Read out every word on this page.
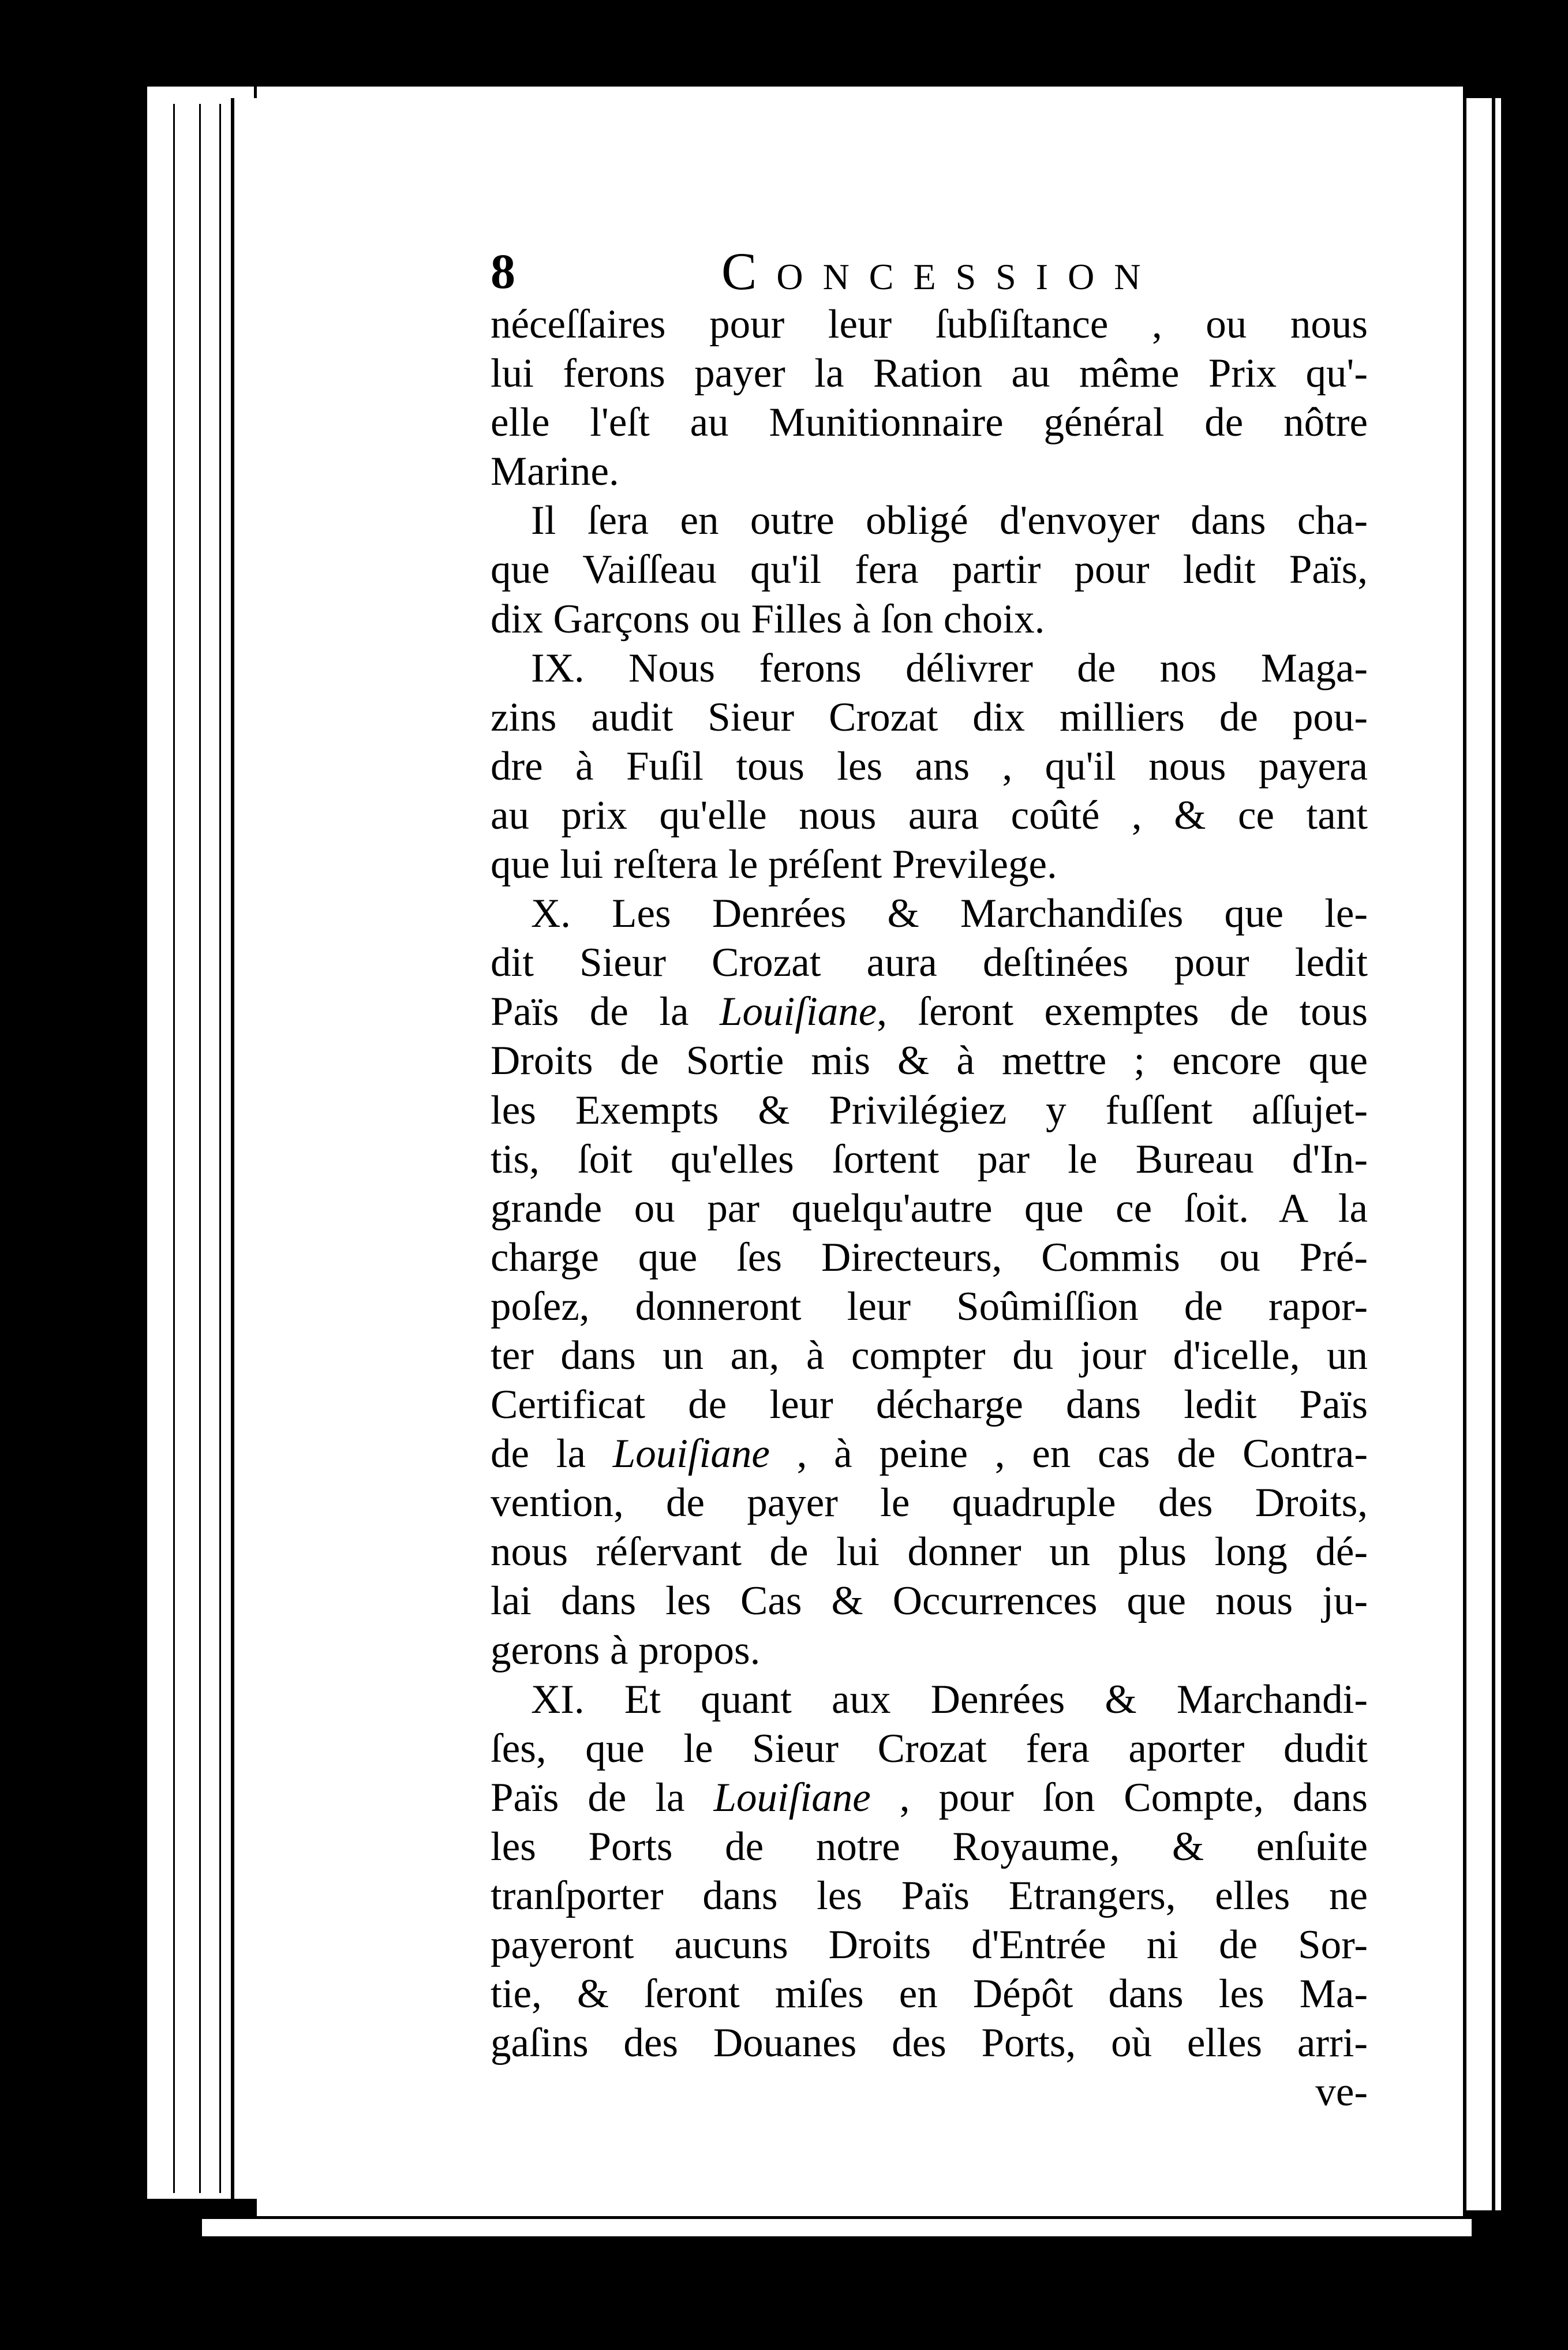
8	Concession
néceſſaires pour leur ſubſiſtance , ou nous
lui ferons payer la Ration au même Prix qu'-
elle l'eſt au Munitionnaire général de nôtre
Marine.
Il ſera en outre obligé d'envoyer dans cha-
que Vaiſſeau qu'il fera partir pour ledit Païs,
dix Garçons ou Filles à ſon choix.
IX. Nous ferons délivrer de nos Maga-
zins audit Sieur Crozat dix milliers de pou-
dre à Fuſil tous les ans , qu'il nous payera
au prix qu'elle nous aura coûté , & ce tant
que lui reſtera le préſent Previlege.
X. Les Denrées & Marchandiſes que le-
dit Sieur Crozat aura deſtinées pour ledit
Païs de la Louiſiane, ſeront exemptes de tous
Droits de Sortie mis & à mettre ; encore que
les Exempts & Privilégiez y fuſſent aſſujet-
tis, ſoit qu'elles ſortent par le Bureau d'In-
grande ou par quelqu'autre que ce ſoit. A la
charge que ſes Directeurs, Commis ou Pré-
poſez, donneront leur Soûmiſſion de rapor-
ter dans un an, à compter du jour d'icelle, un
Certificat de leur décharge dans ledit Païs
de la Louiſiane , à peine , en cas de Contra-
vention, de payer le quadruple des Droits,
nous réſervant de lui donner un plus long dé-
lai dans les Cas & Occurrences que nous ju-
gerons à propos.
XI. Et quant aux Denrées & Marchandi-
ſes, que le Sieur Crozat fera aporter dudit
Païs de la Louiſiane , pour ſon Compte, dans
les Ports de notre Royaume, & enſuite
tranſporter dans les Païs Etrangers, elles ne
payeront aucuns Droits d'Entrée ni de Sor-
tie, & ſeront miſes en Dépôt dans les Ma-
gaſins des Douanes des Ports, où elles arri-
ve-
